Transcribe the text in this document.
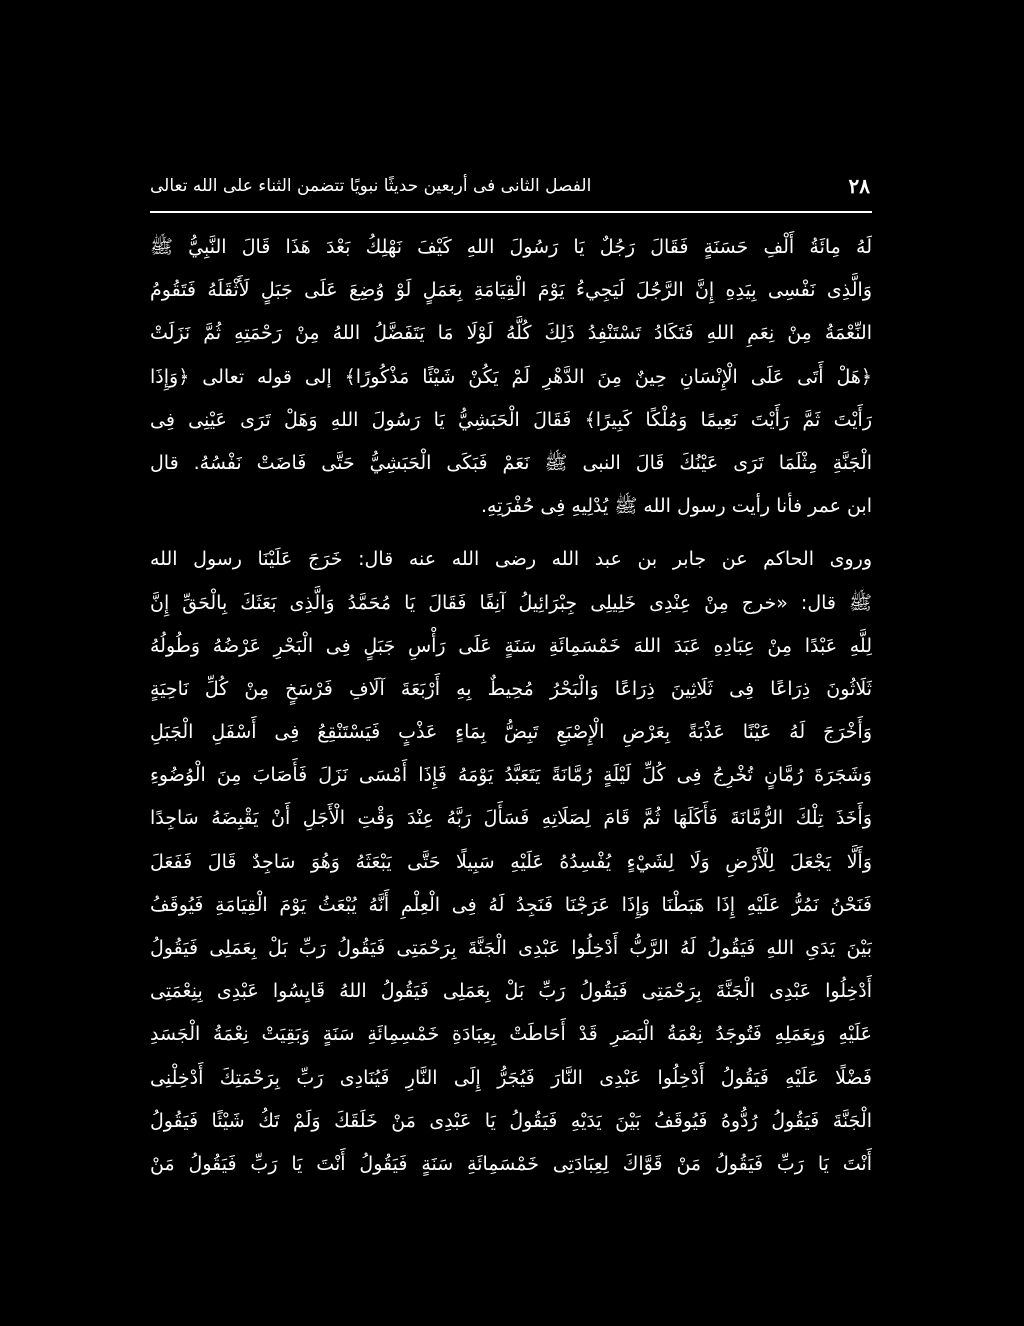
٢٨
الفصل الثانى فى أربعين حديثًا نبويًا تتضمن الثناء على الله تعالى
لَهُ مِائَةُ أَلْفِ حَسَنَةٍ فَقَالَ رَجُلٌ يَا رَسُولَ اللهِ كَيْفَ نَهْلِكُ بَعْدَ هَذَا قَالَ النَّبِيُّ ﷺ
وَالَّذِى نَفْسِى بِيَدِهِ إِنَّ الرَّجُلَ لَيَجِيءُ يَوْمَ الْقِيَامَةِ بِعَمَلٍ لَوْ وُضِعَ عَلَى جَبَلٍ لَأَثْقَلَهُ فَتَقُومُ
النِّعْمَةُ مِنْ نِعَمِ اللهِ فَتَكَادُ تَسْتَنْفِدُ ذَلِكَ كُلَّهُ لَوْلَا مَا يَتَفَضَّلُ اللهُ مِنْ رَحْمَتِهِ ثُمَّ نَزَلَتْ
﴿هَلْ أَتَى عَلَى الْإِنْسَانِ حِينٌ مِنَ الدَّهْرِ لَمْ يَكُنْ شَيْئًا مَذْكُورًا﴾ إلى قوله تعالى ﴿وَإِذَا
رَأَيْتَ ثَمَّ رَأَيْتَ نَعِيمًا وَمُلْكًا كَبِيرًا﴾ فَقَالَ الْحَبَشِيُّ يَا رَسُولَ اللهِ وَهَلْ تَرَى عَيْنِى فِى
الْجَنَّةِ مِثْلَمَا تَرَى عَيْنُكَ قَالَ النبى ﷺ نَعَمْ فَبَكَى الْحَبَشِيُّ حَتَّى فَاضَتْ نَفْسُهُ. قال
ابن عمر فأنا رأيت رسول الله ﷺ يُدْلِيهِ فِى حُفْرَتِهِ.
وروى الحاكم عن جابر بن عبد الله رضى الله عنه قال: خَرَجَ عَلَيْنَا رسول الله
ﷺ قال: «خرج مِنْ عِنْدِى خَلِيلِى جِبْرَائِيلُ آنِفًا فَقَالَ يَا مُحَمَّدُ وَالَّذِى بَعَثَكَ بِالْحَقِّ إِنَّ
لِلَّهِ عَبْدًا مِنْ عِبَادِهِ عَبَدَ اللهَ خَمْسَمِائَةِ سَنَةٍ عَلَى رَأْسِ جَبَلٍ فِى الْبَحْرِ عَرْضُهُ وَطُولُهُ
ثَلَاثُونَ ذِرَاعًا فِى ثَلَاثِينَ ذِرَاعًا وَالْبَحْرُ مُحِيطٌ بِهِ أَرْبَعَةَ آلَافِ فَرْسَخٍ مِنْ كُلِّ نَاحِيَةٍ
وَأَخْرَجَ لَهُ عَيْنًا عَذْبَةً بِعَرْضِ الْإِصْبَعِ تَبِضُّ بِمَاءٍ عَذْبٍ فَيَسْتَنْقِعُ فِى أَسْفَلِ الْجَبَلِ
وَشَجَرَةَ رُمَّانٍ تُخْرِجُ فِى كُلِّ لَيْلَةٍ رُمَّانَةً يَتَعَبَّدُ يَوْمَهُ فَإِذَا أَمْسَى نَزَلَ فَأَصَابَ مِنَ الْوُضُوءِ
وَأَخَذَ تِلْكَ الرُّمَّانَةَ فَأَكَلَهَا ثُمَّ قَامَ لِصَلَاتِهِ فَسَأَلَ رَبَّهُ عِنْدَ وَقْتِ الْأَجَلِ أَنْ يَقْبِضَهُ سَاجِدًا
وَأَلَّا يَجْعَلَ لِلْأَرْضِ وَلَا لِشَيْءٍ يُفْسِدُهُ عَلَيْهِ سَبِيلًا حَتَّى يَبْعَثَهُ وَهُوَ سَاجِدٌ قَالَ فَفَعَلَ
فَنَحْنُ نَمُرُّ عَلَيْهِ إِذَا هَبَطْنَا وَإِذَا عَرَجْنَا فَنَجِدُ لَهُ فِى الْعِلْمِ أَنَّهُ يُبْعَثُ يَوْمَ الْقِيَامَةِ فَيُوقَفُ
بَيْنَ يَدَىِ اللهِ فَيَقُولُ لَهُ الرَّبُّ أَدْخِلُوا عَبْدِى الْجَنَّةَ بِرَحْمَتِى فَيَقُولُ رَبِّ بَلْ بِعَمَلِى فَيَقُولُ
أَدْخِلُوا عَبْدِى الْجَنَّةَ بِرَحْمَتِى فَيَقُولُ رَبِّ بَلْ بِعَمَلِى فَيَقُولُ اللهُ قَايِسُوا عَبْدِى بِنِعْمَتِى
عَلَيْهِ وَبِعَمَلِهِ فَتُوجَدُ نِعْمَةُ الْبَصَرِ قَدْ أَحَاطَتْ بِعِبَادَةِ خَمْسِمِائَةِ سَنَةٍ وَبَقِيَتْ نِعْمَةُ الْجَسَدِ
فَضْلًا عَلَيْهِ فَيَقُولُ أَدْخِلُوا عَبْدِى النَّارَ فَيُجَرُّ إِلَى النَّارِ فَيُنَادِى رَبِّ بِرَحْمَتِكَ أَدْخِلْنِى
الْجَنَّةَ فَيَقُولُ رُدُّوهُ فَيُوقَفُ بَيْنَ يَدَيْهِ فَيَقُولُ يَا عَبْدِى مَنْ خَلَقَكَ وَلَمْ تَكُ شَيْئًا فَيَقُولُ
أَنْتَ يَا رَبِّ فَيَقُولُ مَنْ قَوَّاكَ لِعِبَادَتِى خَمْسَمِائَةِ سَنَةٍ فَيَقُولُ أَنْتَ يَا رَبِّ فَيَقُولُ مَنْ
